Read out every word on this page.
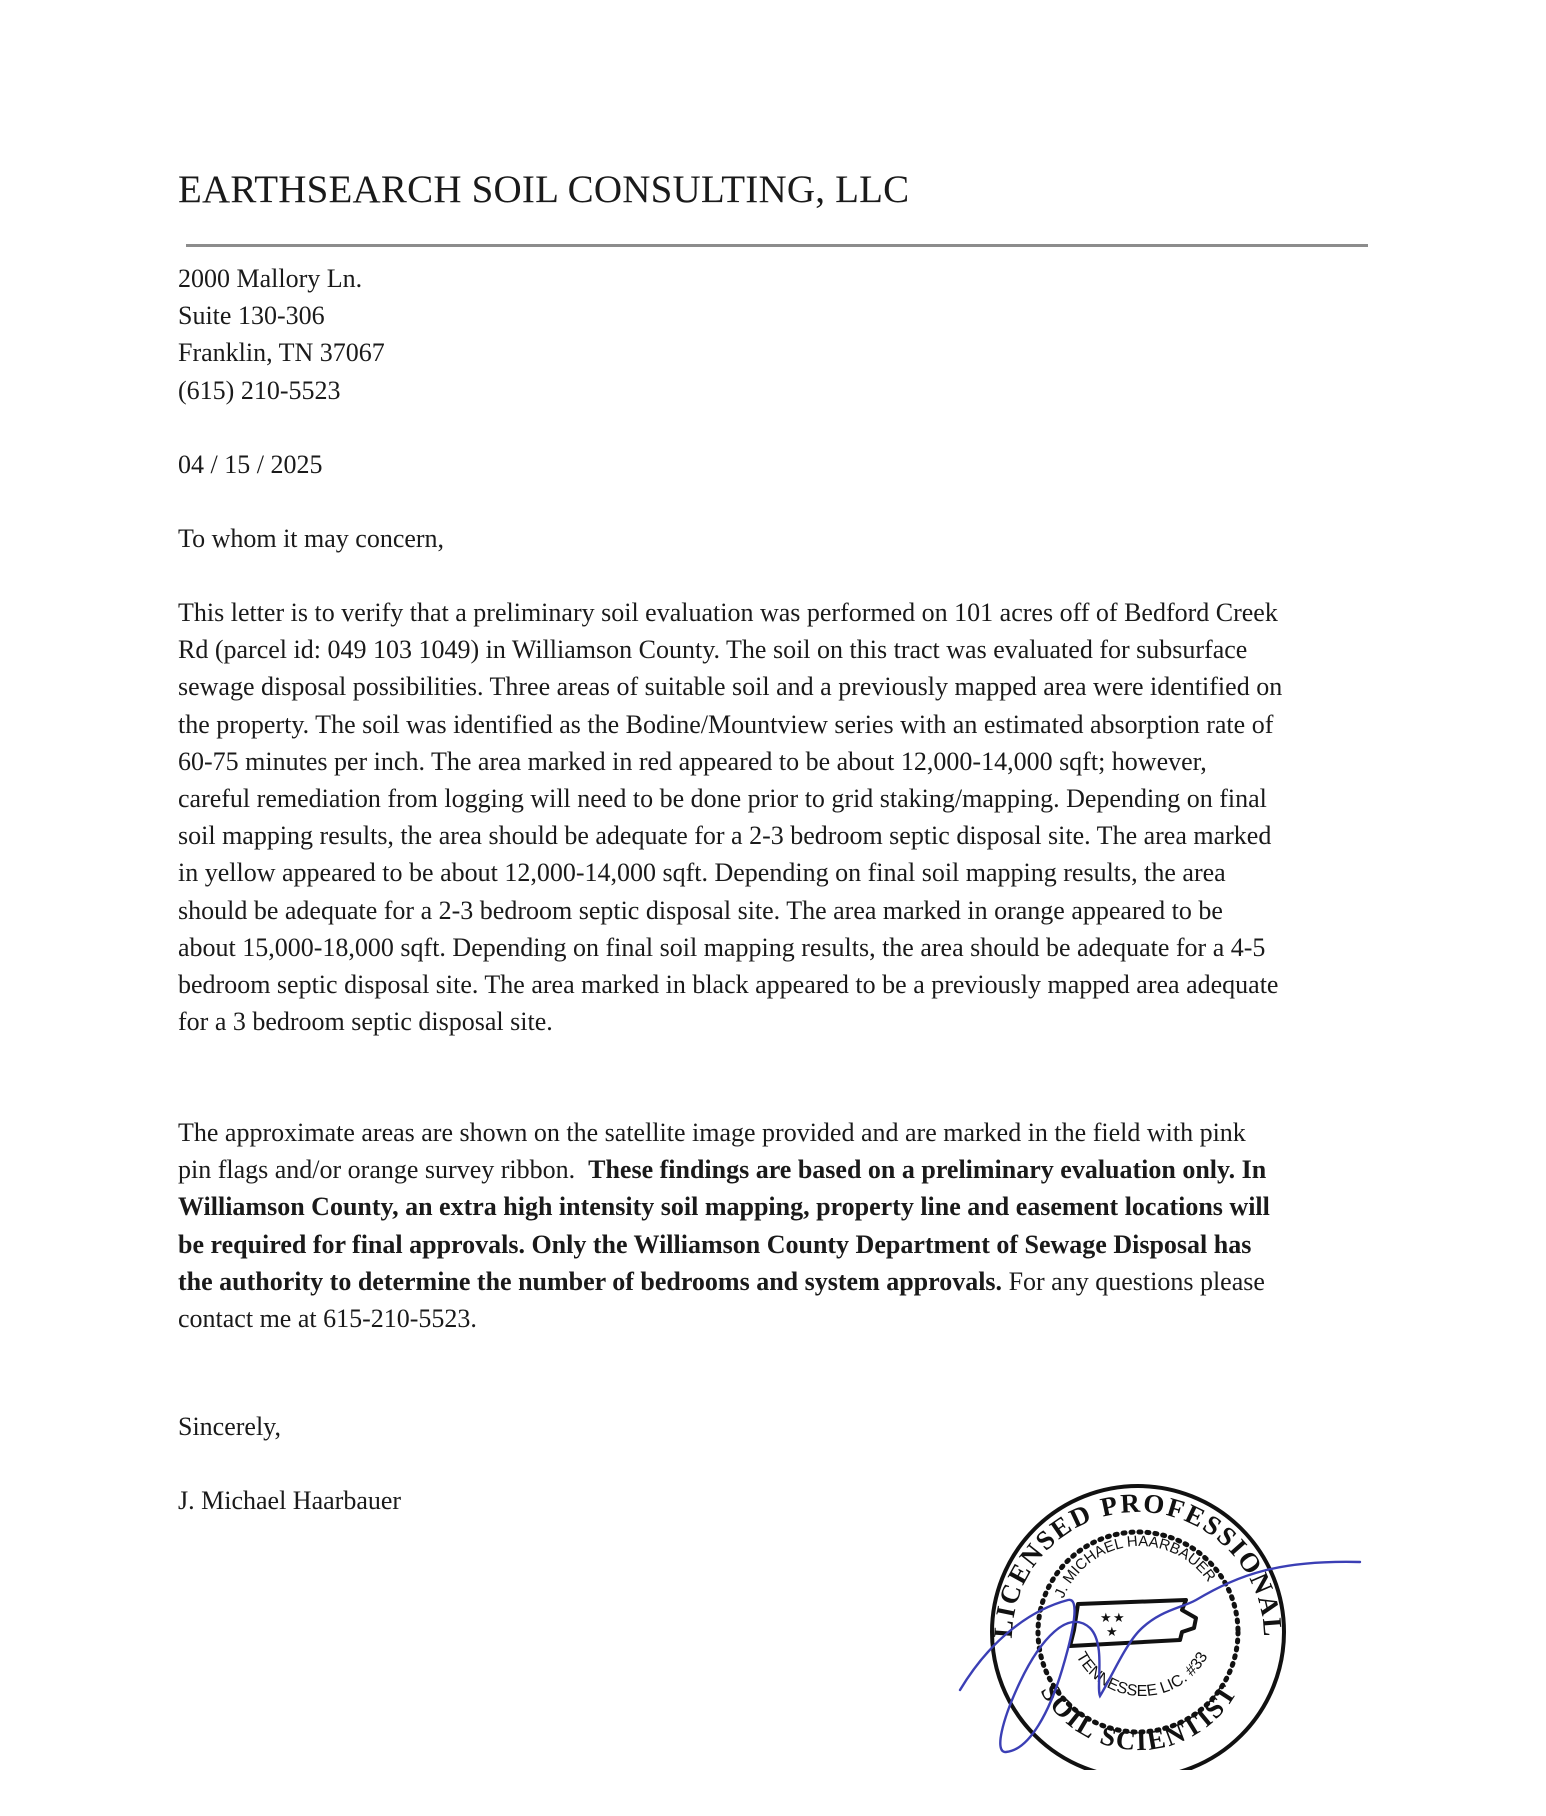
EARTHSEARCH SOIL CONSULTING, LLC
2000 Mallory Ln.
Suite 130-306
Franklin, TN 37067
(615) 210-5523
04 / 15 / 2025
To whom it may concern,
This letter is to verify that a preliminary soil evaluation was performed on 101 acres off of Bedford Creek
Rd (parcel id: 049 103 1049) in Williamson County. The soil on this tract was evaluated for subsurface
sewage disposal possibilities. Three areas of suitable soil and a previously mapped area were identified on
the property. The soil was identified as the Bodine/Mountview series with an estimated absorption rate of
60-75 minutes per inch. The area marked in red appeared to be about 12,000-14,000 sqft; however,
careful remediation from logging will need to be done prior to grid staking/mapping. Depending on final
soil mapping results, the area should be adequate for a 2-3 bedroom septic disposal site. The area marked
in yellow appeared to be about 12,000-14,000 sqft. Depending on final soil mapping results, the area
should be adequate for a 2-3 bedroom septic disposal site. The area marked in orange appeared to be
about 15,000-18,000 sqft. Depending on final soil mapping results, the area should be adequate for a 4-5
bedroom septic disposal site. The area marked in black appeared to be a previously mapped area adequate
for a 3 bedroom septic disposal site.
The approximate areas are shown on the satellite image provided and are marked in the field with pink
pin flags and/or orange survey ribbon.  These findings are based on a preliminary evaluation only. In
Williamson County, an extra high intensity soil mapping, property line and easement locations will
be required for final approvals. Only the Williamson County Department of Sewage Disposal has
the authority to determine the number of bedrooms and system approvals. For any questions please
contact me at 615-210-5523.
Sincerely,
J. Michael Haarbauer
LICENSED PROFESSIONAL
SOIL SCIENTIST
J. MICHAEL HAARBAUER
TENNESSEE LIC. #33
★ ★
★
